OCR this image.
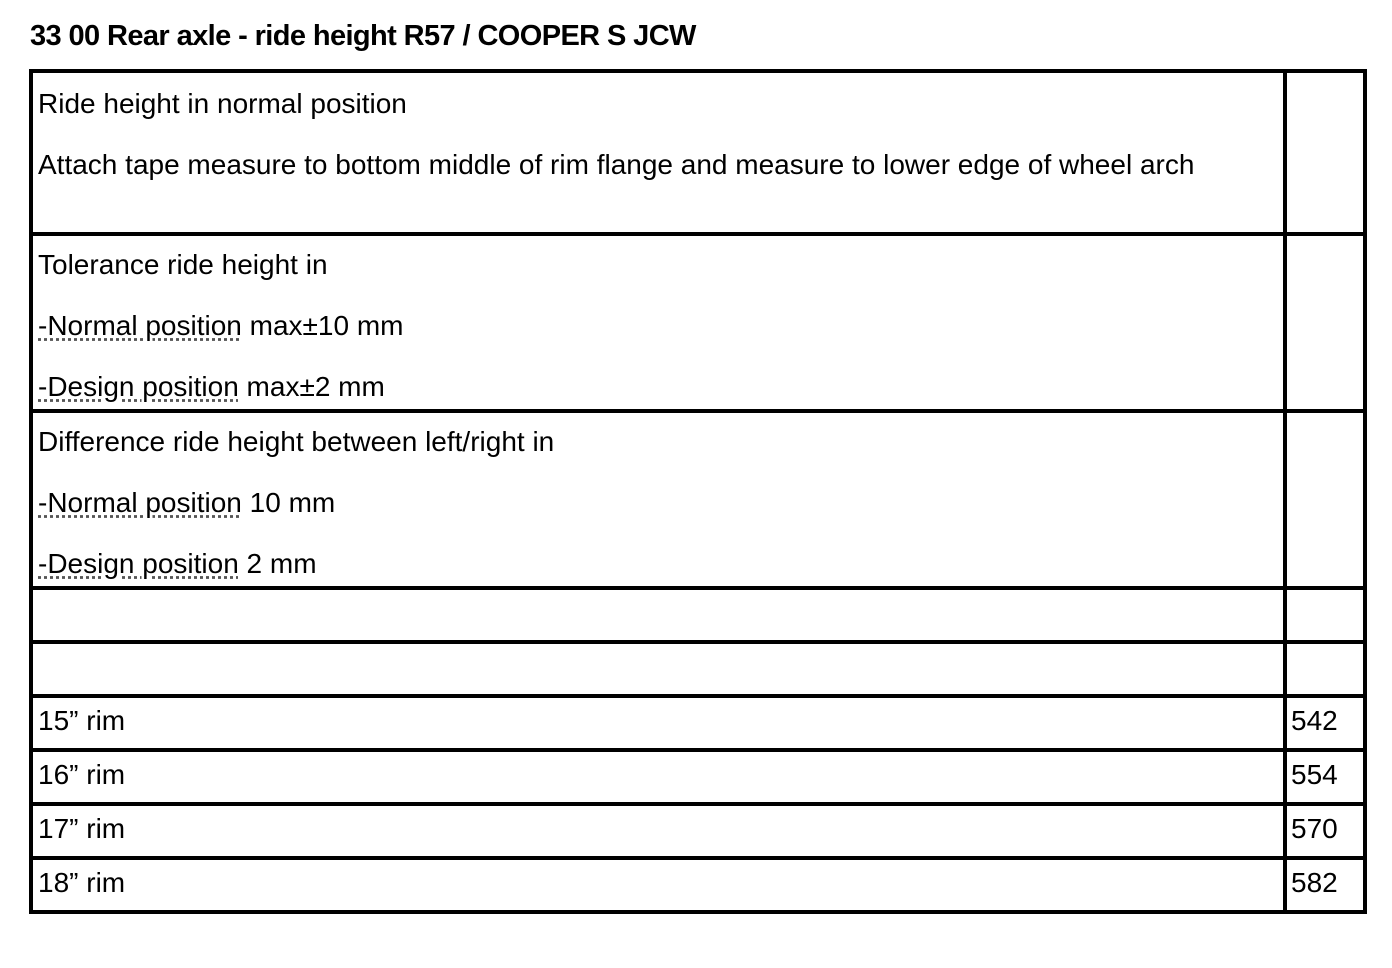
33 00 Rear axle - ride height R57 / COOPER S JCW
Ride height in normal position
Attach tape measure to bottom middle of rim flange and measure to lower edge of wheel arch	

Tolerance ride height in
-Normal position max±10 mm
-Design position max±2 mm	

Difference ride height between left/right in
-Normal position 10 mm
-Design position 2 mm	

15” rim	542
16” rim	554
17” rim	570
18” rim	582
